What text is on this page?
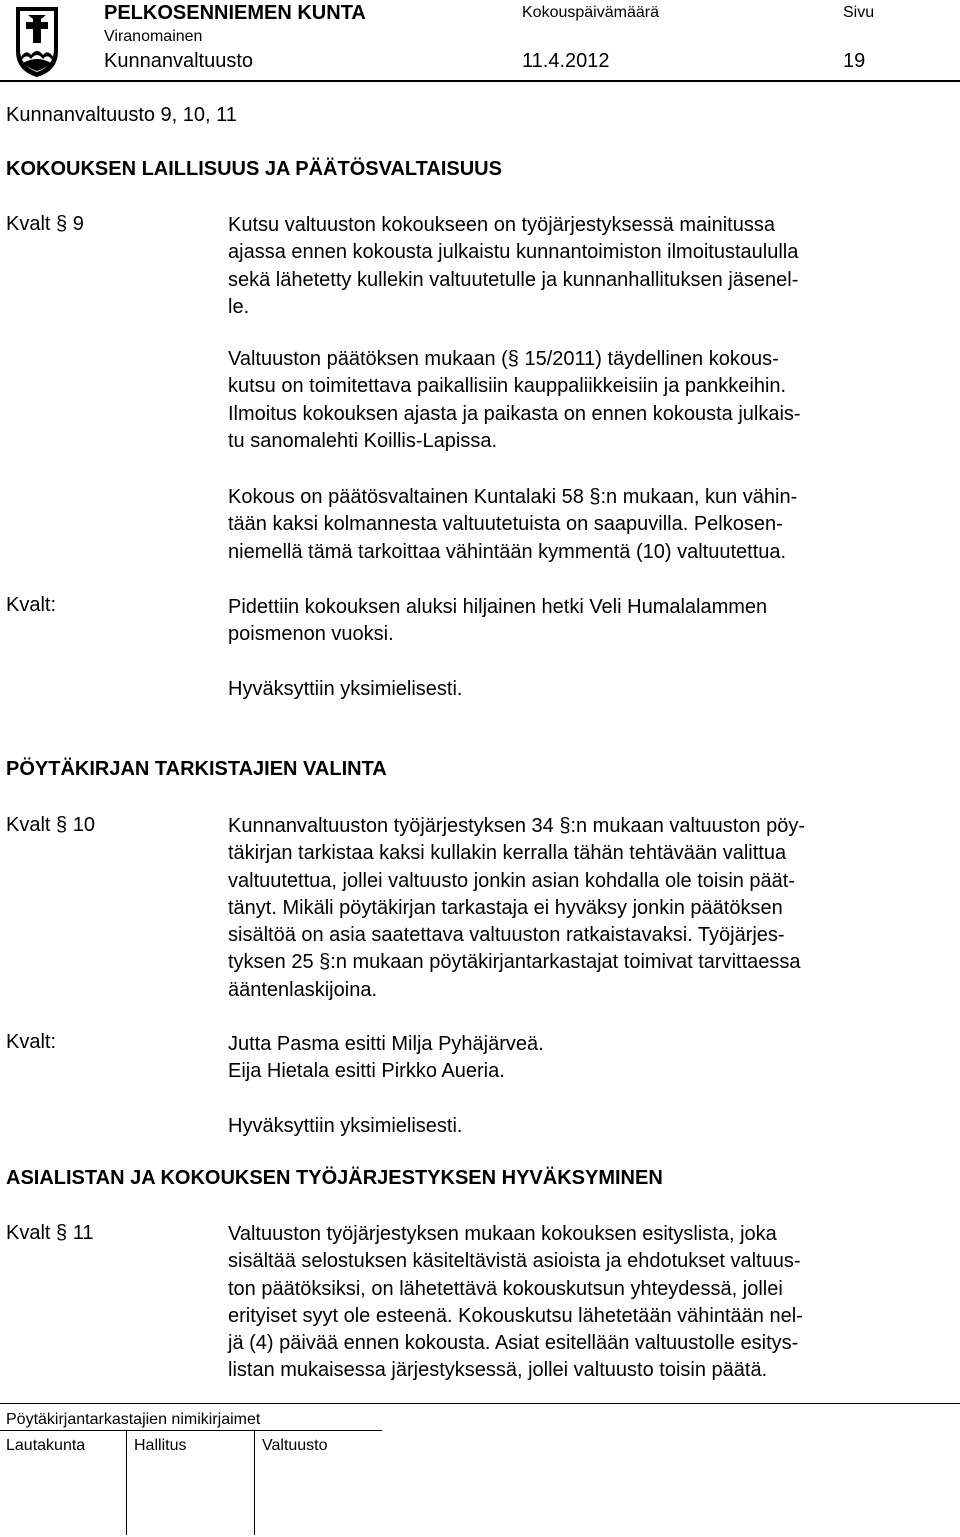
PELKOSENNIEMEN KUNTA
Viranomainen
Kunnanvaltuusto
Kokouspäivämäärä
11.4.2012
Sivu
19
Kunnanvaltuusto 9, 10, 11
KOKOUKSEN LAILLISUUS JA PÄÄTÖSVALTAISUUS
Kvalt § 9	Kutsu valtuuston kokoukseen on työjärjestyksessä mainitussa
ajassa ennen kokousta julkaistu kunnantoimiston ilmoitustaululla
sekä lähetetty kullekin valtuutetulle ja kunnanhallituksen jäsenel-
le.
Valtuuston päätöksen mukaan (§ 15/2011) täydellinen kokous-
kutsu on toimitettava paikallisiin kauppaliikkeisiin ja pankkeihin.
Ilmoitus kokouksen ajasta ja paikasta on ennen kokousta julkais-
tu sanomalehti Koillis-Lapissa.
Kokous on päätösvaltainen Kuntalaki 58 §:n mukaan, kun vähin-
tään kaksi kolmannesta valtuutetuista on saapuvilla. Pelkosen-
niemellä tämä tarkoittaa vähintään kymmentä (10) valtuutettua.
Kvalt:	Pidettiin kokouksen aluksi hiljainen hetki Veli Humalalammen
poismenon vuoksi.
Hyväksyttiin yksimielisesti.
PÖYTÄKIRJAN TARKISTAJIEN VALINTA
Kvalt § 10	Kunnanvaltuuston työjärjestyksen 34 §:n mukaan valtuuston pöy-
täkirjan tarkistaa kaksi kullakin kerralla tähän tehtävään valittua
valtuutettua, jollei valtuusto jonkin asian kohdalla ole toisin päät-
tänyt. Mikäli pöytäkirjan tarkastaja ei hyväksy jonkin päätöksen
sisältöä on asia saatettava valtuuston ratkaistavaksi. Työjärjes-
tyksen 25 §:n mukaan pöytäkirjantarkastajat toimivat tarvittaessa
ääntenlaskijoina.
Kvalt:	Jutta Pasma esitti Milja Pyhäjärveä.
Eija Hietala esitti Pirkko Aueria.
Hyväksyttiin yksimielisesti.
ASIALISTAN JA KOKOUKSEN TYÖJÄRJESTYKSEN HYVÄKSYMINEN
Kvalt § 11	Valtuuston työjärjestyksen mukaan kokouksen esityslista, joka
sisältää selostuksen käsiteltävistä asioista ja ehdotukset valtuus-
ton päätöksiksi, on lähetettävä kokouskutsun yhteydessä, jollei
erityiset syyt ole esteenä. Kokouskutsu lähetetään vähintään nel-
jä (4) päivää ennen kokousta. Asiat esitellään valtuustolle esitys-
listan mukaisessa järjestyksessä, jollei valtuusto toisin päätä.
Pöytäkirjantarkastajien nimikirjaimet
Lautakunta	Hallitus	Valtuusto
